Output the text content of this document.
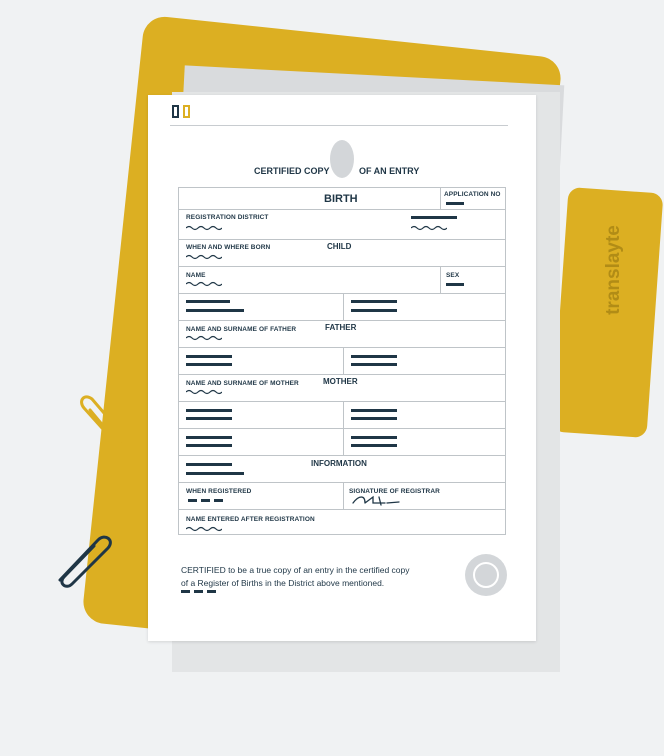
translayte
CERTIFIED COPY	OF AN ENTRY
BIRTH	APPLICATION NO
REGISTRATION DISTRICT
WHEN AND WHERE BORN	CHILD
NAME	SEX
NAME AND SURNAME OF FATHER	FATHER
NAME AND SURNAME OF MOTHER	MOTHER
INFORMATION
WHEN REGISTERED	SIGNATURE OF REGISTRAR
NAME ENTERED AFTER REGISTRATION
CERTIFIED to be a true copy of an entry in the certified copy
of a Register of Births in the District above mentioned.
